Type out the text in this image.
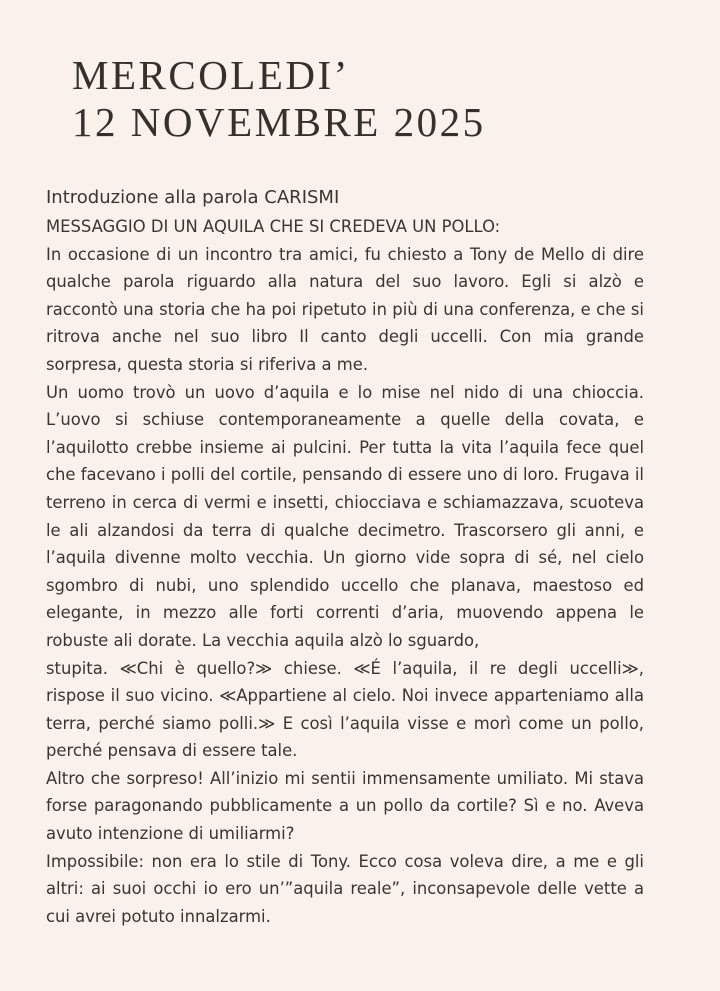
MERCOLEDI’
12 NOVEMBRE 2025
Introduzione alla parola CARISMI
MESSAGGIO DI UN AQUILA CHE SI CREDEVA UN POLLO:

In occasione di un incontro tra amici, fu chiesto a Tony de Mello di dire qualche parola riguardo alla natura del suo lavoro. Egli si alzò e raccontò una storia che ha poi ripetuto in più di una conferenza, e che si ritrova anche nel suo libro Il canto degli uccelli. Con mia grande sorpresa, questa storia si riferiva a me.

Un uomo trovò un uovo d’aquila e lo mise nel nido di una chioccia. L’uovo si schiuse contemporaneamente a quelle della covata, e l’aquilotto crebbe insieme ai pulcini. Per tutta la vita l’aquila fece quel che facevano i polli del cortile, pensando di essere uno di loro. Frugava il terreno in cerca di vermi e insetti, chiocciava e schiamazzava, scuoteva le ali alzandosi da terra di qualche decimetro. Trascorsero gli anni, e l’aquila divenne molto vecchia. Un giorno vide sopra di sé, nel cielo sgombro di nubi, uno splendido uccello che planava, maestoso ed elegante, in mezzo alle forti correnti d’aria, muovendo appena le robuste ali dorate. La vecchia aquila alzò lo sguardo,

stupita. ≪Chi è quello?≫ chiese. ≪É l’aquila, il re degli uccelli≫, rispose il suo vicino. ≪Appartiene al cielo. Noi invece apparteniamo alla terra, perché siamo polli.≫ E così l’aquila visse e morì come un pollo, perché pensava di essere tale.

Altro che sorpreso! All’inizio mi sentii immensamente umiliato. Mi stava forse paragonando pubblicamente a un pollo da cortile? Sì e no. Aveva avuto intenzione di umiliarmi?

Impossibile: non era lo stile di Tony. Ecco cosa voleva dire, a me e gli altri: ai suoi occhi io ero un’”aquila reale”, inconsapevole delle vette a cui avrei potuto innalzarmi.
